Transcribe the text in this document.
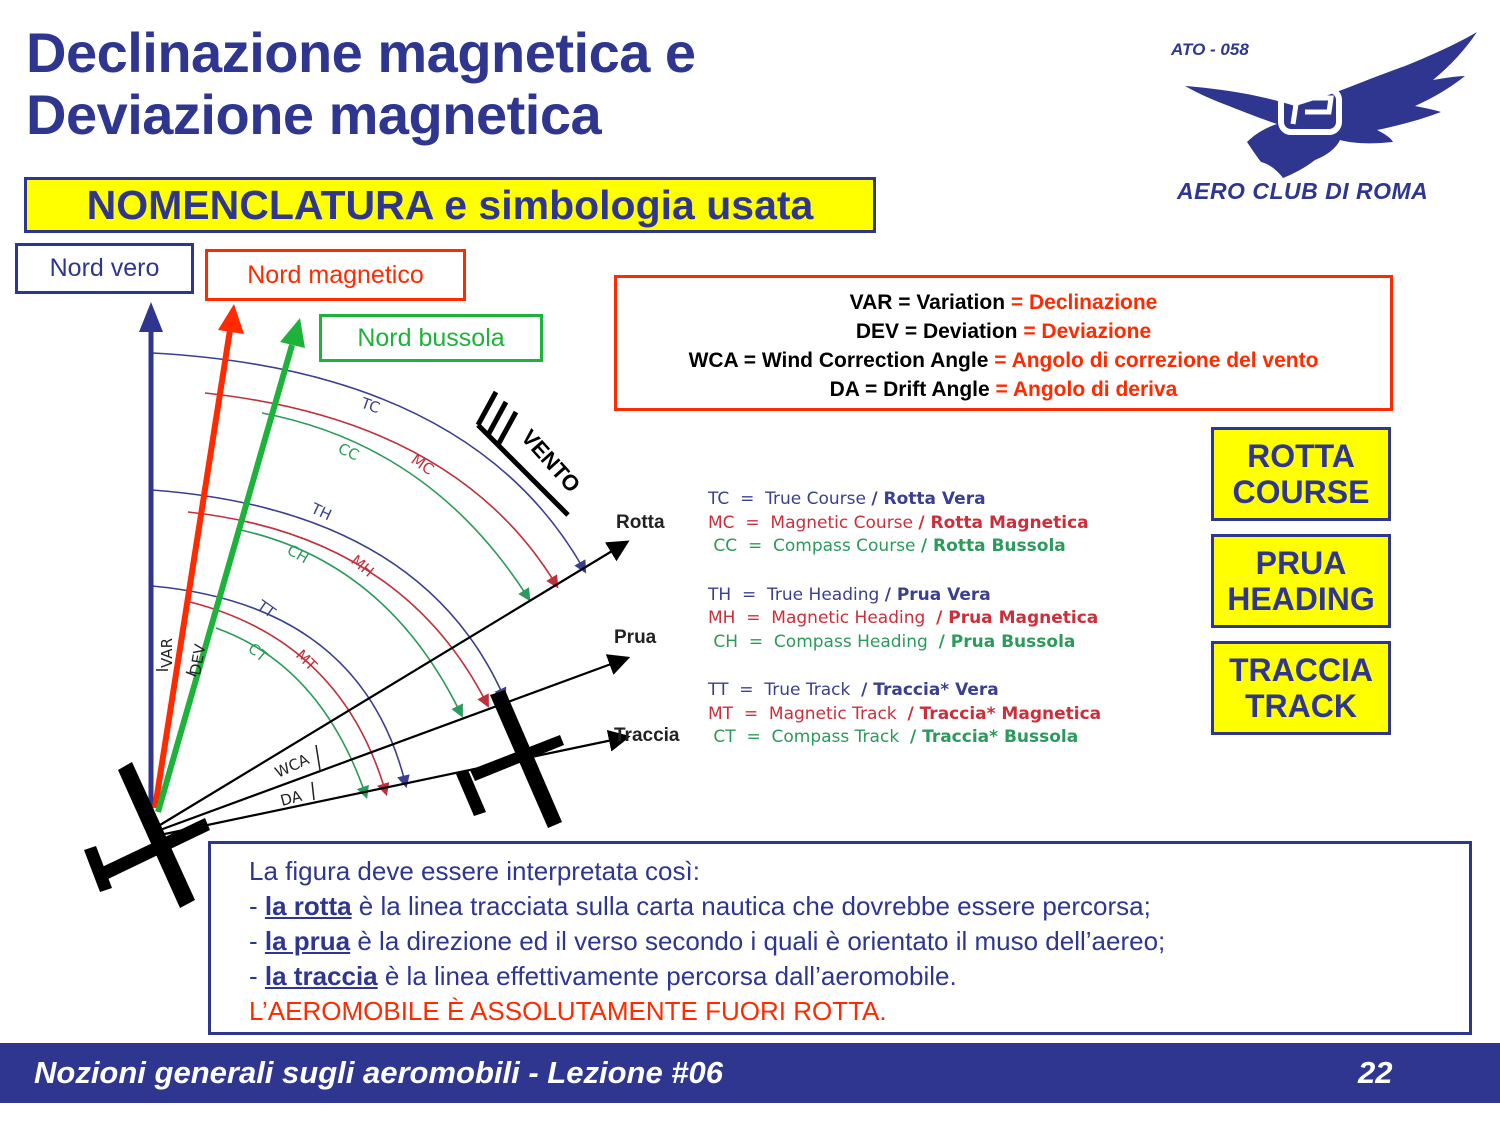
Declinazione magnetica e
Deviazione magnetica
NOMENCLATURA e simbologia usata
ATO - 058
AERO CLUB DI ROMA
Nord vero	Nord magnetico
Nord bussola
VAR = Variation = Declinazione
DEV = Deviation = Deviazione
WCA = Wind Correction Angle = Angolo di correzione del vento
DA = Drift Angle = Angolo di deriva
ROTTA
COURSE
PRUA
HEADING
TRACCIA
TRACK
TC
MC
CC
TH
MH
CH
TT
MT
CT
Rotta
Prua
Traccia
VAR DEV
WCA
DA
VENTO
TC  =  True Course / Rotta Vera
MC  =  Magnetic Course / Rotta Magnetica
CC  =  Compass Course / Rotta Bussola
TH  =  True Heading / Prua Vera
MH  =  Magnetic Heading  / Prua Magnetica
CH  =  Compass Heading  / Prua Bussola
TT  =  True Track  / Traccia* Vera
MT  =  Magnetic Track  / Traccia* Magnetica
CT  =  Compass Track  / Traccia* Bussola
La figura deve essere interpretata così:
- la rotta è la linea tracciata sulla carta nautica che dovrebbe essere percorsa;
- la prua è la direzione ed il verso secondo i quali è orientato il muso dell’aereo;
- la traccia è la linea effettivamente percorsa dall’aeromobile.
L’AEROMOBILE È ASSOLUTAMENTE FUORI ROTTA.
Nozioni generali sugli aeromobili - Lezione #06	22
